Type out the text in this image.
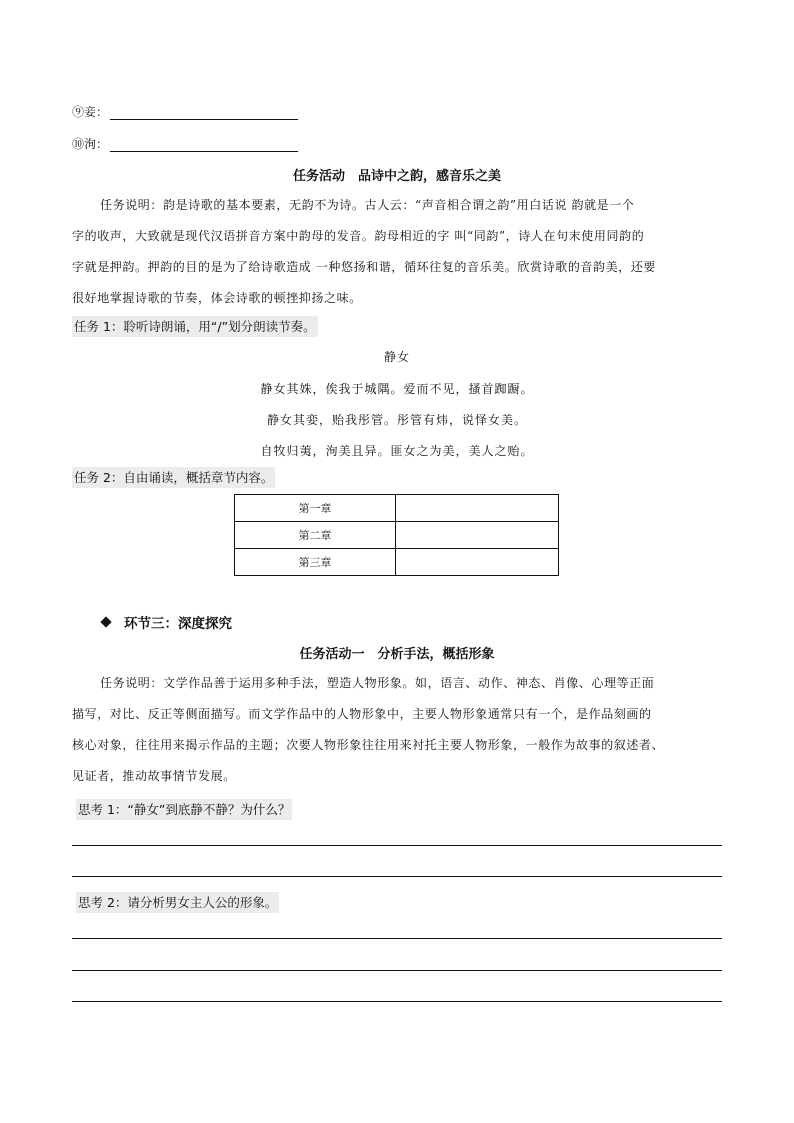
⑨妾：
⑩洵：
任务活动　品诗中之韵，感音乐之美
任务说明：韵是诗歌的基本要素，无韵不为诗。古人云：“声音相合谓之韵”用白话说 韵就是一个
字的收声，大致就是现代汉语拼音方案中韵母的发音。韵母相近的字 叫“同韵”，诗人在句末使用同韵的
字就是押韵。押韵的目的是为了给诗歌造成 一种悠扬和谐，循环往复的音乐美。欣赏诗歌的音韵美，还要
很好地掌握诗歌的节奏，体会诗歌的顿挫抑扬之味。
任务 1：聆听诗朗诵，用“/”划分朗读节奏。
静女
静女其姝，俟我于城隅。爱而不见，搔首踟蹰。
静女其娈，贻我彤管。彤管有炜，说怿女美。
自牧归荑，洵美且异。匪女之为美，美人之贻。
任务 2：自由诵读，概括章节内容。
第一章	
第二章	
第三章	
环节三：深度探究
任务活动一　分析手法，概括形象
任务说明：文学作品善于运用多种手法，塑造人物形象。如，语言、动作、神态、肖像、心理等正面
描写，对比、反正等侧面描写。而文学作品中的人物形象中，主要人物形象通常只有一个，是作品刻画的
核心对象，往往用来揭示作品的主题；次要人物形象往往用来衬托主要人物形象，一般作为故事的叙述者、
见证者，推动故事情节发展。
思考 1：“静女”到底静不静？为什么？
思考 2：请分析男女主人公的形象。
